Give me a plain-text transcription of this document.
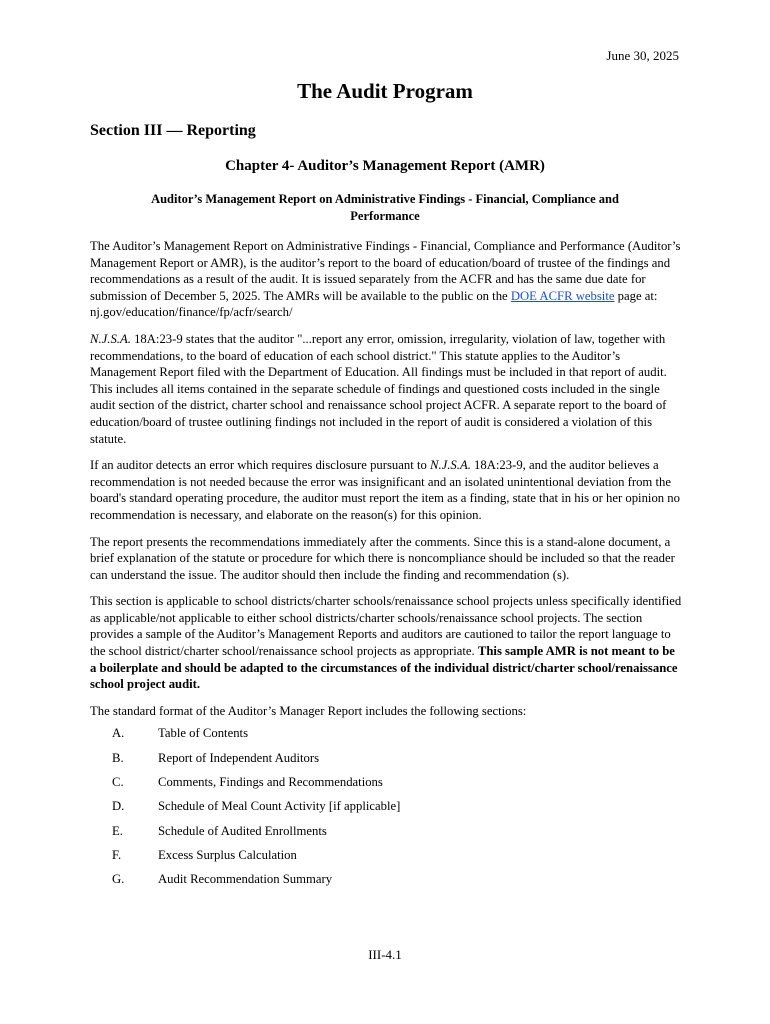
June 30, 2025
The Audit Program
Section III — Reporting
Chapter 4- Auditor’s Management Report (AMR)
Auditor’s Management Report on Administrative Findings - Financial, Compliance and Performance

The Auditor’s Management Report on Administrative Findings - Financial, Compliance and Performance (Auditor’s Management Report or AMR), is the auditor’s report to the board of education/board of trustee of the findings and recommendations as a result of the audit. It is issued separately from the ACFR and has the same due date for submission of December 5, 2025. The AMRs will be available to the public on the DOE ACFR website page at: nj.gov/education/finance/fp/acfr/search/

N.J.S.A. 18A:23-9 states that the auditor "...report any error, omission, irregularity, violation of law, together with recommendations, to the board of education of each school district." This statute applies to the Auditor’s Management Report filed with the Department of Education. All findings must be included in that report of audit. This includes all items contained in the separate schedule of findings and questioned costs included in the single audit section of the district, charter school and renaissance school project ACFR. A separate report to the board of education/board of trustee outlining findings not included in the report of audit is considered a violation of this statute.

If an auditor detects an error which requires disclosure pursuant to N.J.S.A. 18A:23-9, and the auditor believes a recommendation is not needed because the error was insignificant and an isolated unintentional deviation from the board's standard operating procedure, the auditor must report the item as a finding, state that in his or her opinion no recommendation is necessary, and elaborate on the reason(s) for this opinion.

The report presents the recommendations immediately after the comments. Since this is a stand-alone document, a brief explanation of the statute or procedure for which there is noncompliance should be included so that the reader can understand the issue. The auditor should then include the finding and recommendation (s).

This section is applicable to school districts/charter schools/renaissance school projects unless specifically identified as applicable/not applicable to either school districts/charter schools/renaissance school projects. The section provides a sample of the Auditor’s Management Reports and auditors are cautioned to tailor the report language to the school district/charter school/renaissance school projects as appropriate. This sample AMR is not meant to be a boilerplate and should be adapted to the circumstances of the individual district/charter school/renaissance school project audit.

The standard format of the Auditor’s Manager Report includes the following sections:

A.	Table of Contents
B.	Report of Independent Auditors
C.	Comments, Findings and Recommendations
D.	Schedule of Meal Count Activity [if applicable]
E.	Schedule of Audited Enrollments
F.	Excess Surplus Calculation
G.	Audit Recommendation Summary
III-4.1
